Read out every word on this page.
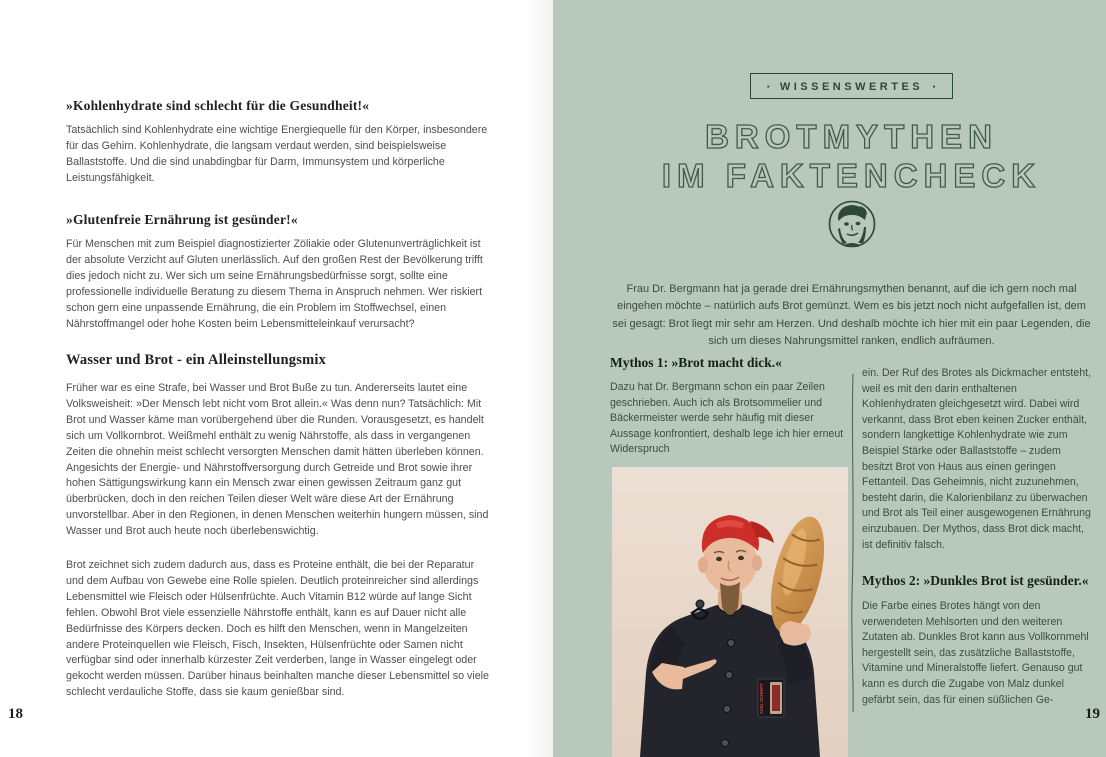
»Kohlenhydrate sind schlecht für die Gesundheit!«
Tatsächlich sind Kohlenhydrate eine wichtige Energiequelle für den Körper, insbesondere für das Gehirn. Kohlenhydrate, die langsam verdaut werden, sind beispielsweise Ballaststoffe. Und die sind unabdingbar für Darm, Immunsystem und körperliche Leistungsfähigkeit.
»Glutenfreie Ernährung ist gesünder!«
Für Menschen mit zum Beispiel diagnostizierter Zöliakie oder Glutenunverträglichkeit ist der absolute Verzicht auf Gluten unerlässlich. Auf den großen Rest der Bevölkerung trifft dies jedoch nicht zu. Wer sich um seine Ernährungsbedürfnisse sorgt, sollte eine professionelle individuelle Beratung zu diesem Thema in Anspruch nehmen. Wer riskiert schon gern eine unpassende Ernährung, die ein Problem im Stoffwechsel, einen Nährstoffmangel oder hohe Kosten beim Lebensmitteleinkauf verursacht?
Wasser und Brot - ein Alleinstellungsmix
Früher war es eine Strafe, bei Wasser und Brot Buße zu tun. Andererseits lautet eine Volksweisheit: »Der Mensch lebt nicht vom Brot allein.« Was denn nun? Tatsächlich: Mit Brot und Wasser käme man vorübergehend über die Runden. Vorausgesetzt, es handelt sich um Vollkornbrot. Weißmehl enthält zu wenig Nährstoffe, als dass in vergangenen Zeiten die ohnehin meist schlecht versorgten Menschen damit hätten überleben können. Angesichts der Energie- und Nährstoffversorgung durch Getreide und Brot sowie ihrer hohen Sättigungswirkung kann ein Mensch zwar einen gewissen Zeitraum ganz gut überbrücken, doch in den reichen Teilen dieser Welt wäre diese Art der Ernährung unvorstellbar. Aber in den Regionen, in denen Menschen weiterhin hungern müssen, sind Wasser und Brot auch heute noch überlebenswichtig.
Brot zeichnet sich zudem dadurch aus, dass es Proteine enthält, die bei der Reparatur und dem Aufbau von Gewebe eine Rolle spielen. Deutlich proteinreicher sind allerdings Lebensmittel wie Fleisch oder Hülsenfrüchte. Auch Vitamin B12 würde auf lange Sicht fehlen. Obwohl Brot viele essenzielle Nährstoffe enthält, kann es auf Dauer nicht alle Bedürfnisse des Körpers decken. Doch es hilft den Menschen, wenn in Mangelzeiten andere Proteinquellen wie Fleisch, Fisch, Insekten, Hülsenfrüchte oder Samen nicht verfügbar sind oder innerhalb kürzester Zeit verderben, lange in Wasser eingelegt oder gekocht werden müssen. Darüber hinaus beinhalten manche dieser Lebensmittel so viele schlecht verdauliche Stoffe, dass sie kaum genießbar sind.
18
· WISSENSWERTES ·
BROTMYTHEN
IM FAKTENCHECK
Frau Dr. Bergmann hat ja gerade drei Ernährungsmythen benannt, auf die ich gern noch mal eingehen möchte – natürlich aufs Brot gemünzt. Wem es bis jetzt noch nicht aufgefallen ist, dem sei gesagt: Brot liegt mir sehr am Herzen. Und deshalb möchte ich hier mit ein paar Legenden, die sich um dieses Nahrungsmittel ranken, endlich aufräumen.
Mythos 1: »Brot macht dick.«
Dazu hat Dr. Bergmann schon ein paar Zeilen geschrieben. Auch ich als Brotsommelier und Bäckermeister werde sehr häufig mit dieser Aussage konfrontiert, deshalb lege ich hier erneut Widerspruch
AXEL SCHMITT
ein. Der Ruf des Brotes als Dickmacher entsteht, weil es mit den darin enthaltenen Kohlenhydraten gleichgesetzt wird. Dabei wird verkannt, dass Brot eben keinen Zucker enthält, sondern langkettige Kohlenhydrate wie zum Beispiel Stärke oder Ballaststoffe – zudem besitzt Brot von Haus aus einen geringen Fettanteil. Das Geheimnis, nicht zuzunehmen, besteht darin, die Kalorienbilanz zu überwachen und Brot als Teil einer ausgewogenen Ernährung einzubauen. Der Mythos, dass Brot dick macht, ist definitiv falsch.
Mythos 2: »Dunkles Brot ist gesünder.«
Die Farbe eines Brotes hängt von den verwendeten Mehlsorten und den weiteren Zutaten ab. Dunkles Brot kann aus Vollkornmehl hergestellt sein, das zusätzliche Ballaststoffe, Vitamine und Mineralstoffe liefert. Genauso gut kann es durch die Zugabe von Malz dunkel gefärbt sein, das für einen süßlichen Ge-
19
